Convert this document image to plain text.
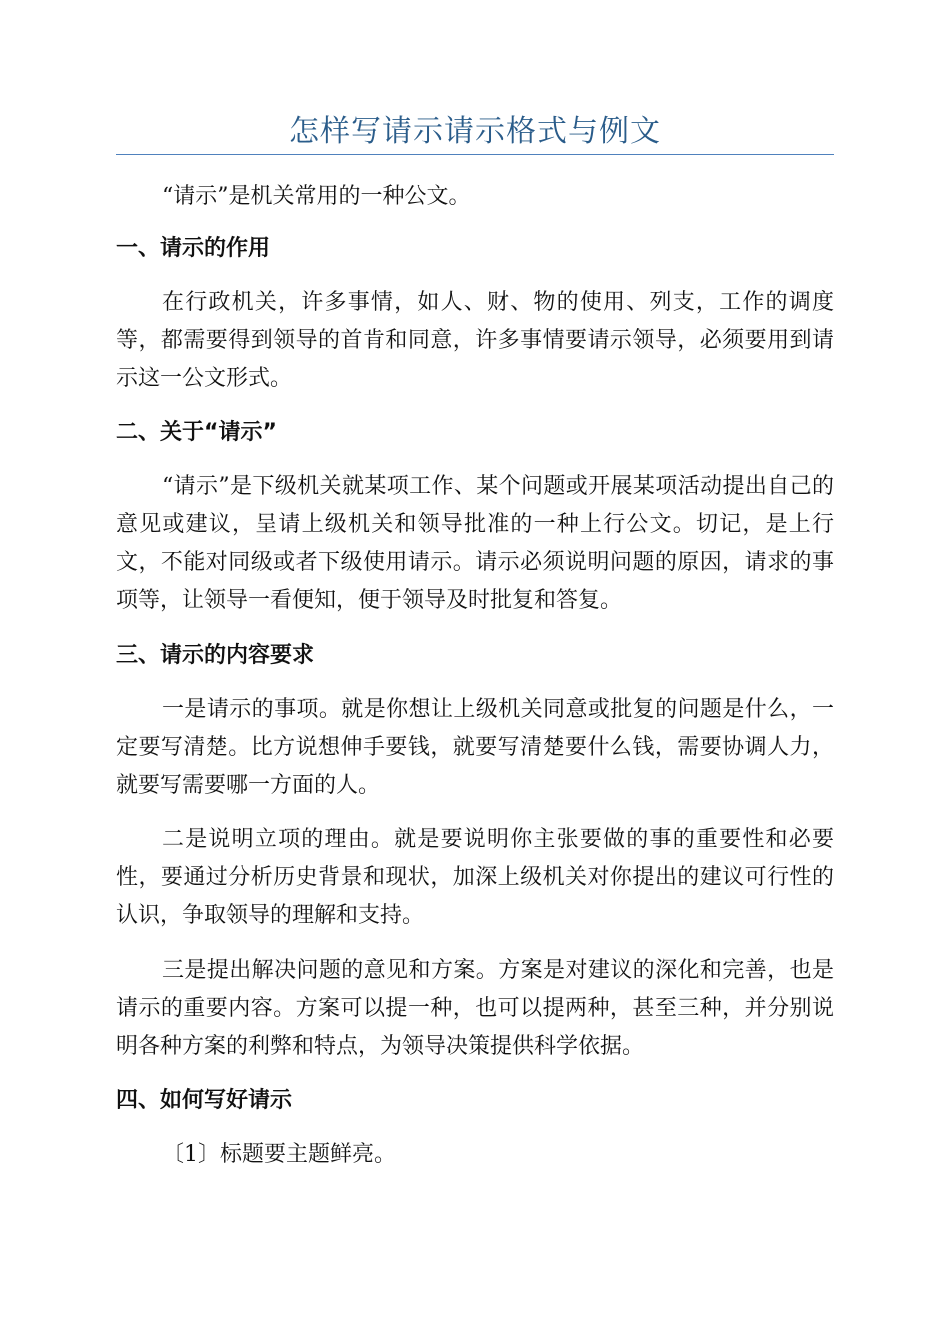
怎样写请示请示格式与例文

“请示”是机关常用的一种公文。

一、请示的作用

在行政机关，许多事情，如人、财、物的使用、列支，工作的调度等，都需要得到领导的首肯和同意，许多事情要请示领导，必须要用到请示这一公文形式。

二、关于“请示”

“请示”是下级机关就某项工作、某个问题或开展某项活动提出自己的意见或建议，呈请上级机关和领导批准的一种上行公文。切记，是上行文，不能对同级或者下级使用请示。请示必须说明问题的原因，请求的事项等，让领导一看便知，便于领导及时批复和答复。

三、请示的内容要求

一是请示的事项。就是你想让上级机关同意或批复的问题是什么，一定要写清楚。比方说想伸手要钱，就要写清楚要什么钱，需要协调人力，就要写需要哪一方面的人。

二是说明立项的理由。就是要说明你主张要做的事的重要性和必要性，要通过分析历史背景和现状，加深上级机关对你提出的建议可行性的认识，争取领导的理解和支持。

三是提出解决问题的意见和方案。方案是对建议的深化和完善，也是请示的重要内容。方案可以提一种，也可以提两种，甚至三种，并分别说明各种方案的利弊和特点，为领导决策提供科学依据。

四、如何写好请示

〔1〕标题要主题鲜亮。
